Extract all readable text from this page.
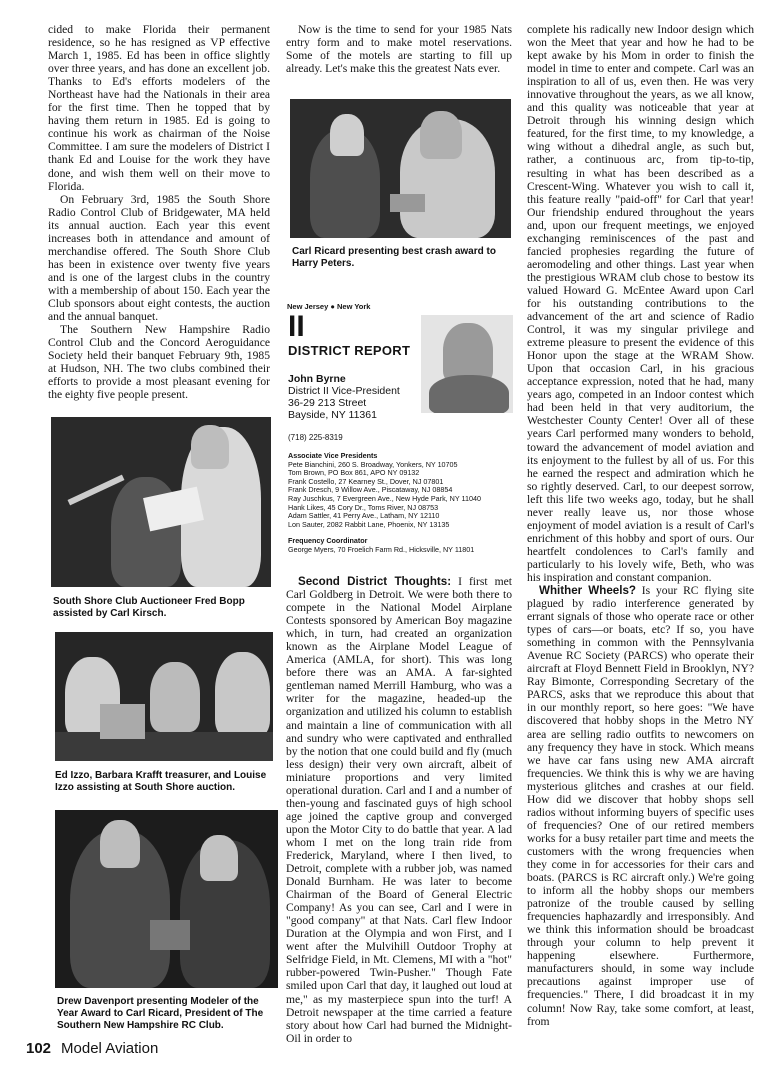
cided to make Florida their permanent residence, so he has resigned as VP effective March 1, 1985. Ed has been in office slightly over three years, and has done an excellent job. Thanks to Ed's efforts modelers of the Northeast have had the Nationals in their area for the first time. Then he topped that by having them return in 1985. Ed is going to continue his work as chairman of the Noise Committee. I am sure the modelers of District I thank Ed and Louise for the work they have done, and wish them well on their move to Florida.

On February 3rd, 1985 the South Shore Radio Control Club of Bridgewater, MA held its annual auction. Each year this event increases both in attendance and amount of merchandise offered. The South Shore Club has been in existence over twenty five years and is one of the largest clubs in the country with a membership of about 150. Each year the Club sponsors about eight contests, the auction and the annual banquet.

The Southern New Hampshire Radio Control Club and the Concord Aeroguidance Society held their banquet February 9th, 1985 at Hudson, NH. The two clubs combined their efforts to provide a most pleasant evening for the eighty five people present.

South Shore Club Auctioneer Fred Bopp assisted by Carl Kirsch.
Ed Izzo, Barbara Krafft treasurer, and Louise Izzo assisting at South Shore auction.
Drew Davenport presenting Modeler of the Year Award to Carl Ricard, President of The Southern New Hampshire RC Club.

Now is the time to send for your 1985 Nats entry form and to make motel reservations. Some of the motels are starting to fill up already. Let's make this the greatest Nats ever.

Carl Ricard presenting best crash award to Harry Peters.
New Jersey ● New York
II
DISTRICT REPORT
John Byrne
District II Vice-President
36-29 213 Street
Bayside, NY 11361
(718) 225-8319
Associate Vice Presidents
Pete Bianchini, 260 S. Broadway, Yonkers, NY 10705
Tom Brown, PO Box 861, APO NY 09132
Frank Costello, 27 Kearney St., Dover, NJ 07801
Frank Dresch, 9 Willow Ave., Piscataway, NJ 08854
Ray Juschkus, 7 Evergreen Ave., New Hyde Park, NY 11040
Hank Likes, 45 Cory Dr., Toms River, NJ 08753
Adam Sattler, 41 Perry Ave., Latham, NY 12110
Lon Sauter, 2082 Rabbit Lane, Phoenix, NY 13135
Frequency Coordinator
George Myers, 70 Froelich Farm Rd., Hicksville, NY 11801

Second District Thoughts: I first met Carl Goldberg in Detroit. We were both there to compete in the National Model Airplane Contests sponsored by American Boy magazine which, in turn, had created an organization known as the Airplane Model League of America (AMLA, for short). This was long before there was an AMA. A far-sighted gentleman named Merrill Hamburg, who was a writer for the magazine, headed-up the organization and utilized his column to establish and maintain a line of communication with all and sundry who were captivated and enthralled by the notion that one could build and fly (much less design) their very own aircraft, albeit of miniature proportions and very limited operational duration. Carl and I and a number of then-young and fascinated guys of high school age joined the captive group and converged upon the Motor City to do battle that year. A lad whom I met on the long train ride from Frederick, Maryland, where I then lived, to Detroit, complete with a rubber job, was named Donald Burnham. He was later to become Chairman of the Board of General Electric Company! As you can see, Carl and I were in "good company" at that Nats. Carl flew Indoor Duration at the Olympia and won First, and I went after the Mulvihill Outdoor Trophy at Selfridge Field, in Mt. Clemens, MI with a "hot" rubber-powered Twin-Pusher." Though Fate smiled upon Carl that day, it laughed out loud at me," as my masterpiece spun into the turf! A Detroit newspaper at the time carried a feature story about how Carl had burned the Midnight-Oil in order to

complete his radically new Indoor design which won the Meet that year and how he had to be kept awake by his Mom in order to finish the model in time to enter and compete. Carl was an inspiration to all of us, even then. He was very innovative throughout the years, as we all know, and this quality was noticeable that year at Detroit through his winning design which featured, for the first time, to my knowledge, a wing without a dihedral angle, as such but, rather, a continuous arc, from tip-to-tip, resulting in what has been described as a Crescent-Wing. Whatever you wish to call it, this feature really "paid-off" for Carl that year! Our friendship endured throughout the years and, upon our frequent meetings, we enjoyed exchanging reminiscences of the past and fancied prophesies regarding the future of aeromodeling and other things. Last year when the prestigious WRAM club chose to bestow its valued Howard G. McEntee Award upon Carl for his outstanding contributions to the advancement of the art and science of Radio Control, it was my singular privilege and extreme pleasure to present the evidence of this Honor upon the stage at the WRAM Show. Upon that occasion Carl, in his gracious acceptance expression, noted that he had, many years ago, competed in an Indoor contest which had been held in that very auditorium, the Westchester County Center! Over all of these years Carl performed many wonders to behold, toward the advancement of model aviation and its enjoyment to the fullest by all of us. For this he earned the respect and admiration which he so rightly deserved. Carl, to our deepest sorrow, left this life two weeks ago, today, but he shall never really leave us, nor those whose enjoyment of model aviation is a result of Carl's enrichment of this hobby and sport of ours. Our heartfelt condolences to Carl's family and particularly to his lovely wife, Beth, who was his inspiration and constant companion.

Whither Wheels? Is your RC flying site plagued by radio interference generated by errant signals of those who operate race or other types of cars—or boats, etc? If so, you have something in common with the Pennsylvania Avenue RC Society (PARCS) who operate their aircraft at Floyd Bennett Field in Brooklyn, NY? Ray Bimonte, Corresponding Secretary of the PARCS, asks that we reproduce this about that in our monthly report, so here goes: "We have discovered that hobby shops in the Metro NY area are selling radio outfits to newcomers on any frequency they have in stock. Which means we have car fans using new AMA aircraft frequencies. We think this is why we are having mysterious glitches and crashes at our field. How did we discover that hobby shops sell radios without informing buyers of specific uses of frequencies? One of our retired members works for a busy retailer part time and meets the customers with the wrong frequencies when they come in for accessories for their cars and boats. (PARCS is RC aircraft only.) We're going to inform all the hobby shops our members patronize of the trouble caused by selling frequencies haphazardly and irresponsibly. And we think this information should be broadcast through your column to help prevent it happening elsewhere. Furthermore, manufacturers should, in some way include precautions against improper use of frequencies." There, I did broadcast it in my column! Now Ray, take some comfort, at least, from

102 Model Aviation
